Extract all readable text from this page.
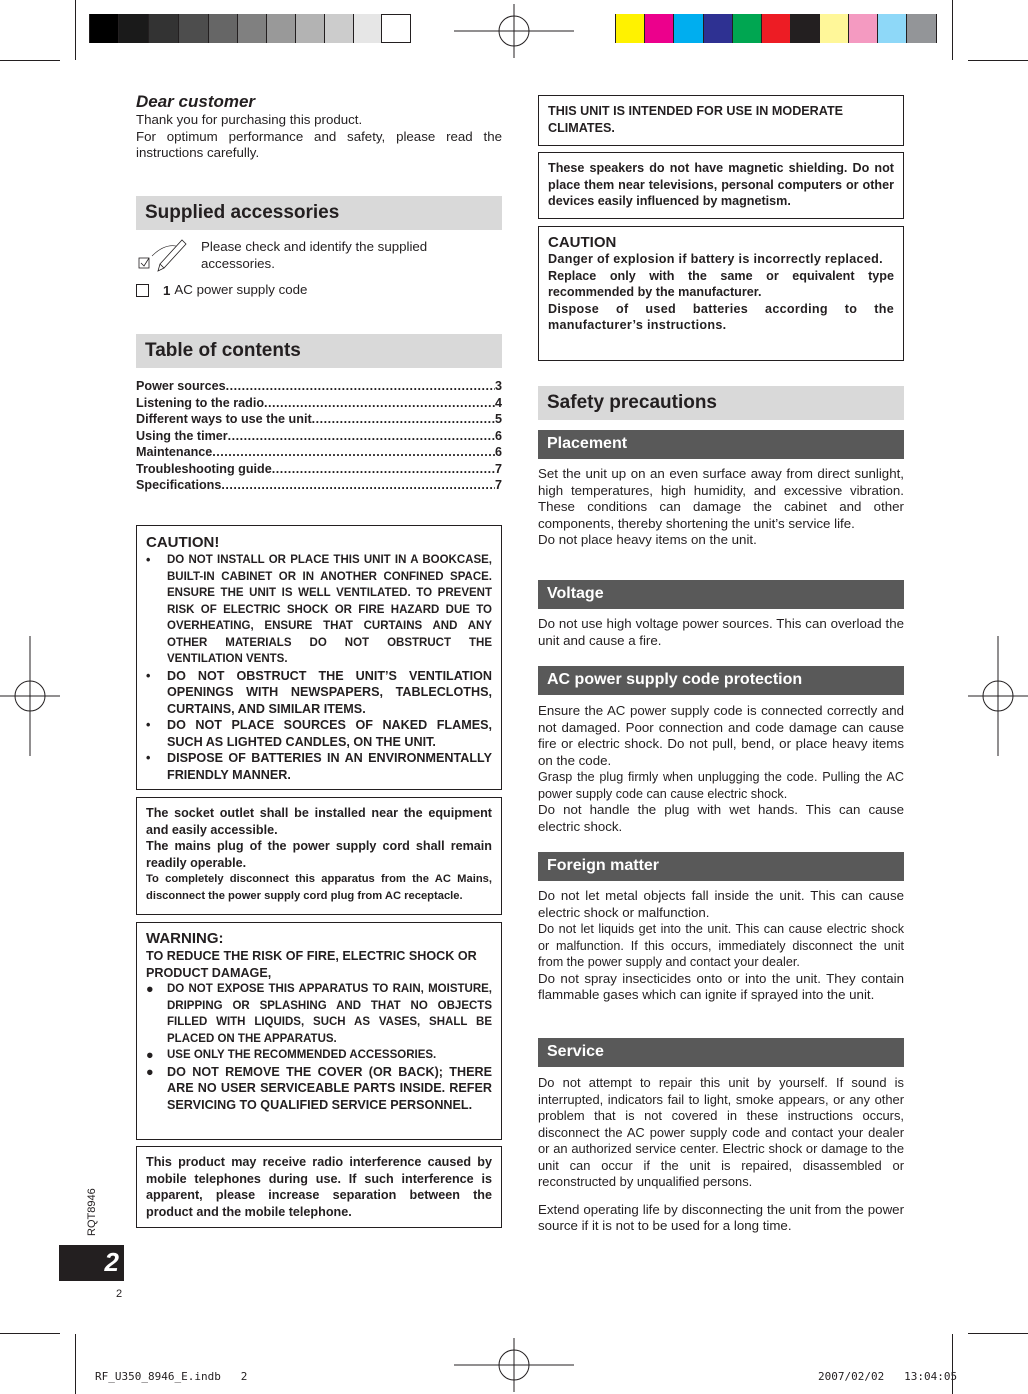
Dear customer

Thank you for purchasing this product.

For optimum performance and safety, please read the instructions carefully.

Supplied accessories
Please check and identify the supplied accessories.
1 AC power supply code
Table of contents
Power sources .....	3
Listening to the radio .....	4
Different ways to use the unit .....	5
Using the timer .....	6
Maintenance .....	6
Troubleshooting guide .....	7
Specifications .....	7
CAUTION!
•	DO NOT INSTALL OR PLACE THIS UNIT IN A BOOKCASE, BUILT-IN CABINET OR IN ANOTHER CONFINED SPACE. ENSURE THE UNIT IS WELL VENTILATED. TO PREVENT RISK OF ELECTRIC SHOCK OR FIRE HAZARD DUE TO OVERHEATING, ENSURE THAT CURTAINS AND ANY OTHER MATERIALS DO NOT OBSTRUCT THE VENTILATION VENTS.
•	DO NOT OBSTRUCT THE UNIT’S VENTILATION OPENINGS WITH NEWSPAPERS, TABLECLOTHS, CURTAINS, AND SIMILAR ITEMS.
•	DO NOT PLACE SOURCES OF NAKED FLAMES, SUCH AS LIGHTED CANDLES, ON THE UNIT.
•	DISPOSE OF BATTERIES IN AN ENVIRONMENTALLY FRIENDLY MANNER.

The socket outlet shall be installed near the equipment and easily accessible.

The mains plug of the power supply cord shall remain readily operable.

To completely disconnect this apparatus from the AC Mains, disconnect the power supply cord plug from AC receptacle.

WARNING:

TO REDUCE THE RISK OF FIRE, ELECTRIC SHOCK OR PRODUCT DAMAGE,

●	DO NOT EXPOSE THIS APPARATUS TO RAIN, MOISTURE, DRIPPING OR SPLASHING AND THAT NO OBJECTS FILLED WITH LIQUIDS, SUCH AS VASES, SHALL BE PLACED ON THE APPARATUS.
●	USE ONLY THE RECOMMENDED ACCESSORIES.
●	DO NOT REMOVE THE COVER (OR BACK); THERE ARE NO USER SERVICEABLE PARTS INSIDE. REFER SERVICING TO QUALIFIED SERVICE PERSONNEL.

This product may receive radio interference caused by mobile telephones during use. If such interference is apparent, please increase separation between the product and the mobile telephone.

RQT8946
2
2

THIS UNIT IS INTENDED FOR USE IN MODERATE CLIMATES.

These speakers do not have magnetic shielding. Do not place them near televisions, personal computers or other devices easily influenced by magnetism.

CAUTION

Danger of explosion if battery is incorrectly replaced.

Replace only with the same or equivalent type recommended by the manufacturer.

Dispose of used batteries according to the manufacturer’s instructions.

Safety precautions
Placement

Set the unit up on an even surface away from direct sunlight, high temperatures, high humidity, and excessive vibration. These conditions can damage the cabinet and other components, thereby shortening the unit’s service life.

Do not place heavy items on the unit.

Voltage

Do not use high voltage power sources. This can overload the unit and cause a fire.

AC power supply code protection

Ensure the AC power supply code is connected correctly and not damaged. Poor connection and code damage can cause fire or electric shock. Do not pull, bend, or place heavy items on the code.

Grasp the plug firmly when unplugging the code. Pulling the AC power supply code can cause electric shock.

Do not handle the plug with wet hands. This can cause electric shock.

Foreign matter

Do not let metal objects fall inside the unit. This can cause electric shock or malfunction.

Do not let liquids get into the unit. This can cause electric shock or malfunction. If this occurs, immediately disconnect the unit from the power supply and contact your dealer.

Do not spray insecticides onto or into the unit. They contain flammable gases which can ignite if sprayed into the unit.

Service

Do not attempt to repair this unit by yourself. If sound is interrupted, indicators fail to light, smoke appears, or any other problem that is not covered in these instructions occurs, disconnect the AC power supply code and contact your dealer or an authorized service center. Electric shock or damage to the unit can occur if the unit is repaired, disassembled or reconstructed by unqualified persons.

Extend operating life by disconnecting the unit from the power source if it is not to be used for a long time.

RF_U350_8946_E.indb   2	2007/02/02   13:04:05
